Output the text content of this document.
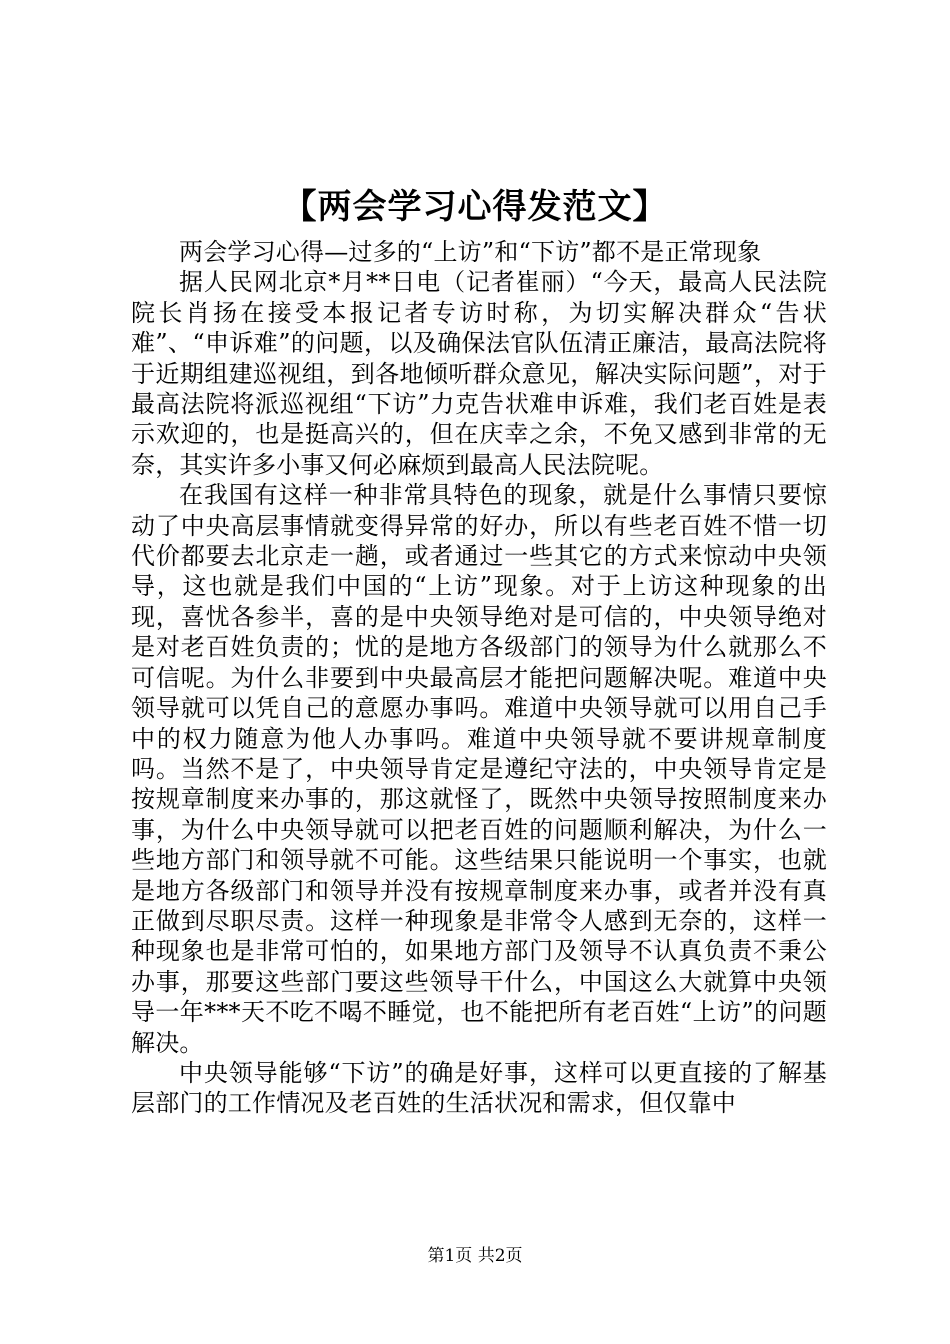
【两会学习心得发范文】

两会学习心得—过多的“上访”和“下访”都不是正常现象

据人民网北京*月**日电（记者崔丽）“今天，最高人民法院院长肖扬在接受本报记者专访时称，为切实解决群众“告状难”、“申诉难”的问题，以及确保法官队伍清正廉洁，最高法院将于近期组建巡视组，到各地倾听群众意见，解决实际问题”，对于最高法院将派巡视组“下访”力克告状难申诉难，我们老百姓是表示欢迎的，也是挺高兴的，但在庆幸之余，不免又感到非常的无奈，其实许多小事又何必麻烦到最高人民法院呢。

在我国有这样一种非常具特色的现象，就是什么事情只要惊动了中央高层事情就变得异常的好办，所以有些老百姓不惜一切代价都要去北京走一趟，或者通过一些其它的方式来惊动中央领导，这也就是我们中国的“上访”现象。对于上访这种现象的出现，喜忧各参半，喜的是中央领导绝对是可信的，中央领导绝对是对老百姓负责的；忧的是地方各级部门的领导为什么就那么不可信呢。为什么非要到中央最高层才能把问题解决呢。难道中央领导就可以凭自己的意愿办事吗。难道中央领导就可以用自己手中的权力随意为他人办事吗。难道中央领导就不要讲规章制度吗。当然不是了，中央领导肯定是遵纪守法的，中央领导肯定是按规章制度来办事的，那这就怪了，既然中央领导按照制度来办事，为什么中央领导就可以把老百姓的问题顺利解决，为什么一些地方部门和领导就不可能。这些结果只能说明一个事实，也就是地方各级部门和领导并没有按规章制度来办事，或者并没有真正做到尽职尽责。这样一种现象是非常令人感到无奈的，这样一种现象也是非常可怕的，如果地方部门及领导不认真负责不秉公办事，那要这些部门要这些领导干什么，中国这么大就算中央领导一年***天不吃不喝不睡觉，也不能把所有老百姓“上访”的问题解决。

中央领导能够“下访”的确是好事，这样可以更直接的了解基层部门的工作情况及老百姓的生活状况和需求，但仅靠中

第1页 共2页
